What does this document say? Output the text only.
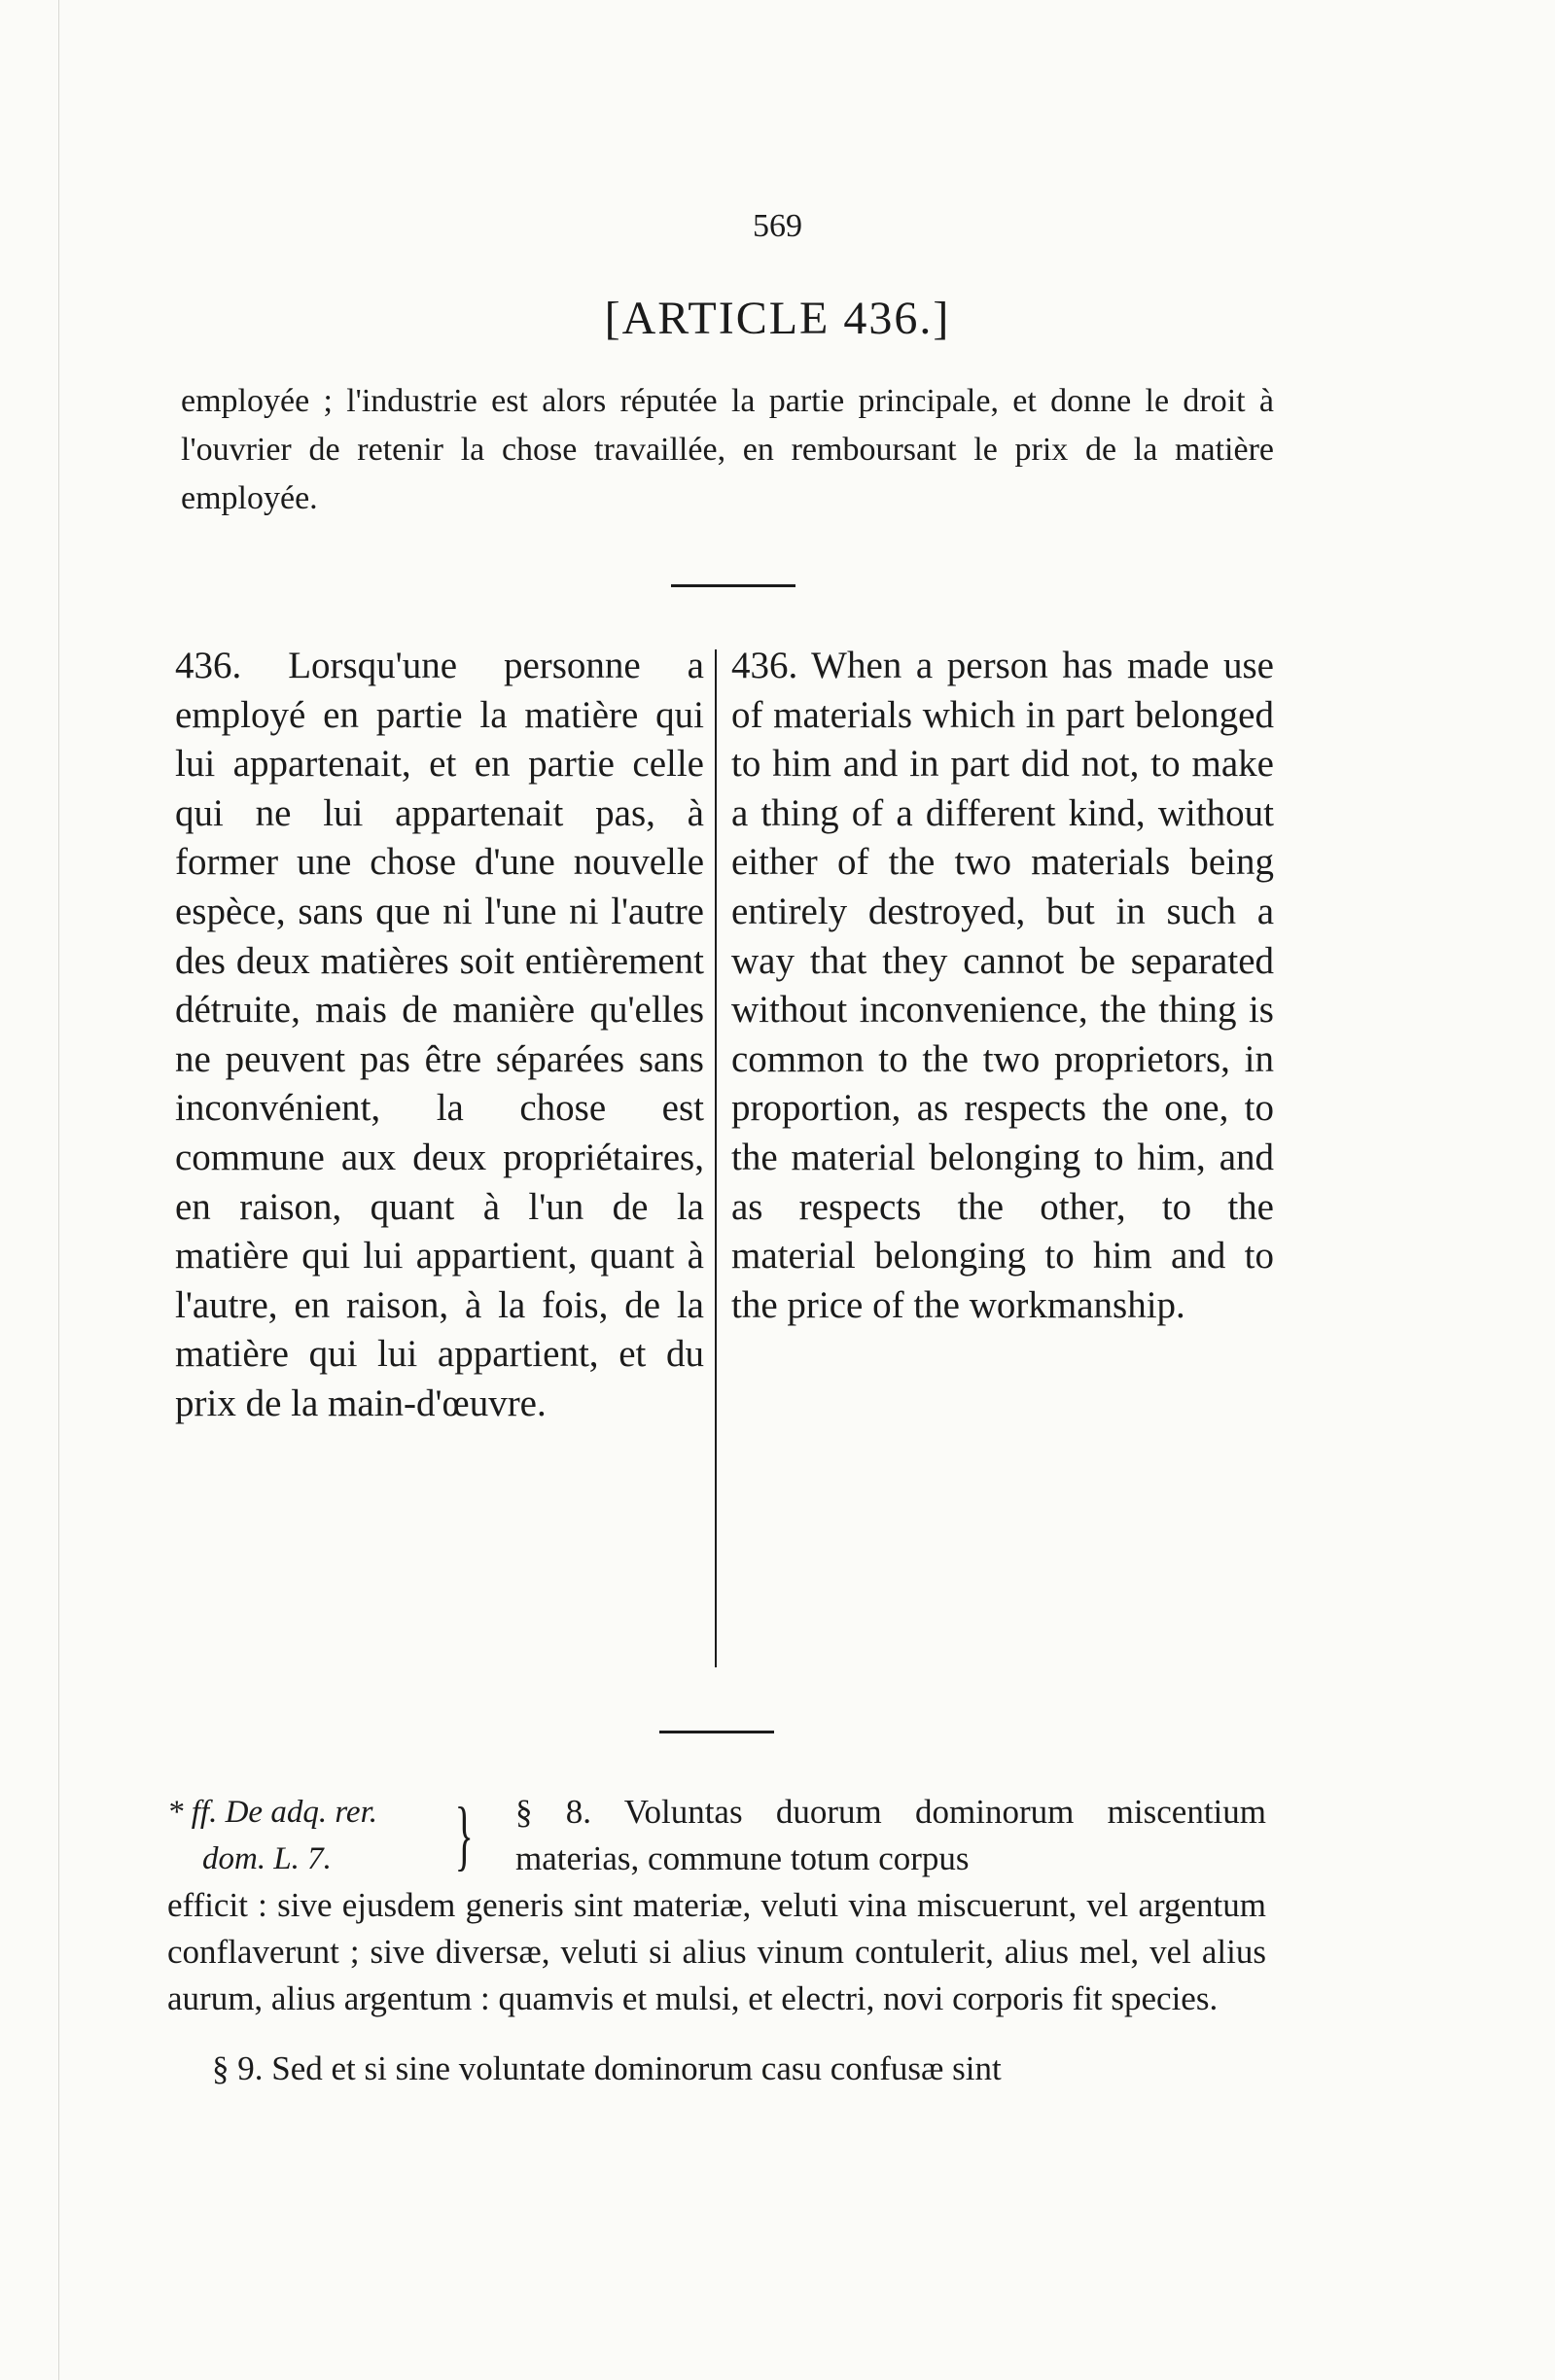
569
[ARTICLE 436.]

employée ; l'industrie est alors réputée la partie principale, et donne le droit à l'ouvrier de retenir la chose travaillée, en remboursant le prix de la matière employée.

436. Lorsqu'une personne a employé en partie la matière qui lui appartenait, et en partie celle qui ne lui appartenait pas, à former une chose d'une nouvelle espèce, sans que ni l'une ni l'autre des deux matières soit entièrement détruite, mais de manière qu'elles ne peuvent pas être séparées sans inconvénient, la chose est commune aux deux propriétaires, en raison, quant à l'un de la matière qui lui appartient, quant à l'autre, en raison, à la fois, de la matière qui lui appartient, et du prix de la main-d'œuvre.

436. When a person has made use of materials which in part belonged to him and in part did not, to make a thing of a different kind, without either of the two materials being entirely destroyed, but in such a way that they cannot be separated without inconvenience, the thing is common to the two proprietors, in proportion, as respects the one, to the material belonging to him, and as respects the other, to the material belonging to him and to the price of the workmanship.

* ff. De adq. rer.
dom. L. 7.	} § 8. Voluntas duorum dominorum miscentium materias, commune totum corpus

efficit : sive ejusdem generis sint materiæ, veluti vina miscuerunt, vel argentum conflaverunt ; sive diversæ, veluti si alius vinum contulerit, alius mel, vel alius aurum, alius argentum : quamvis et mulsi, et electri, novi corporis fit species.

§ 9. Sed et si sine voluntate dominorum casu confusæ sint
